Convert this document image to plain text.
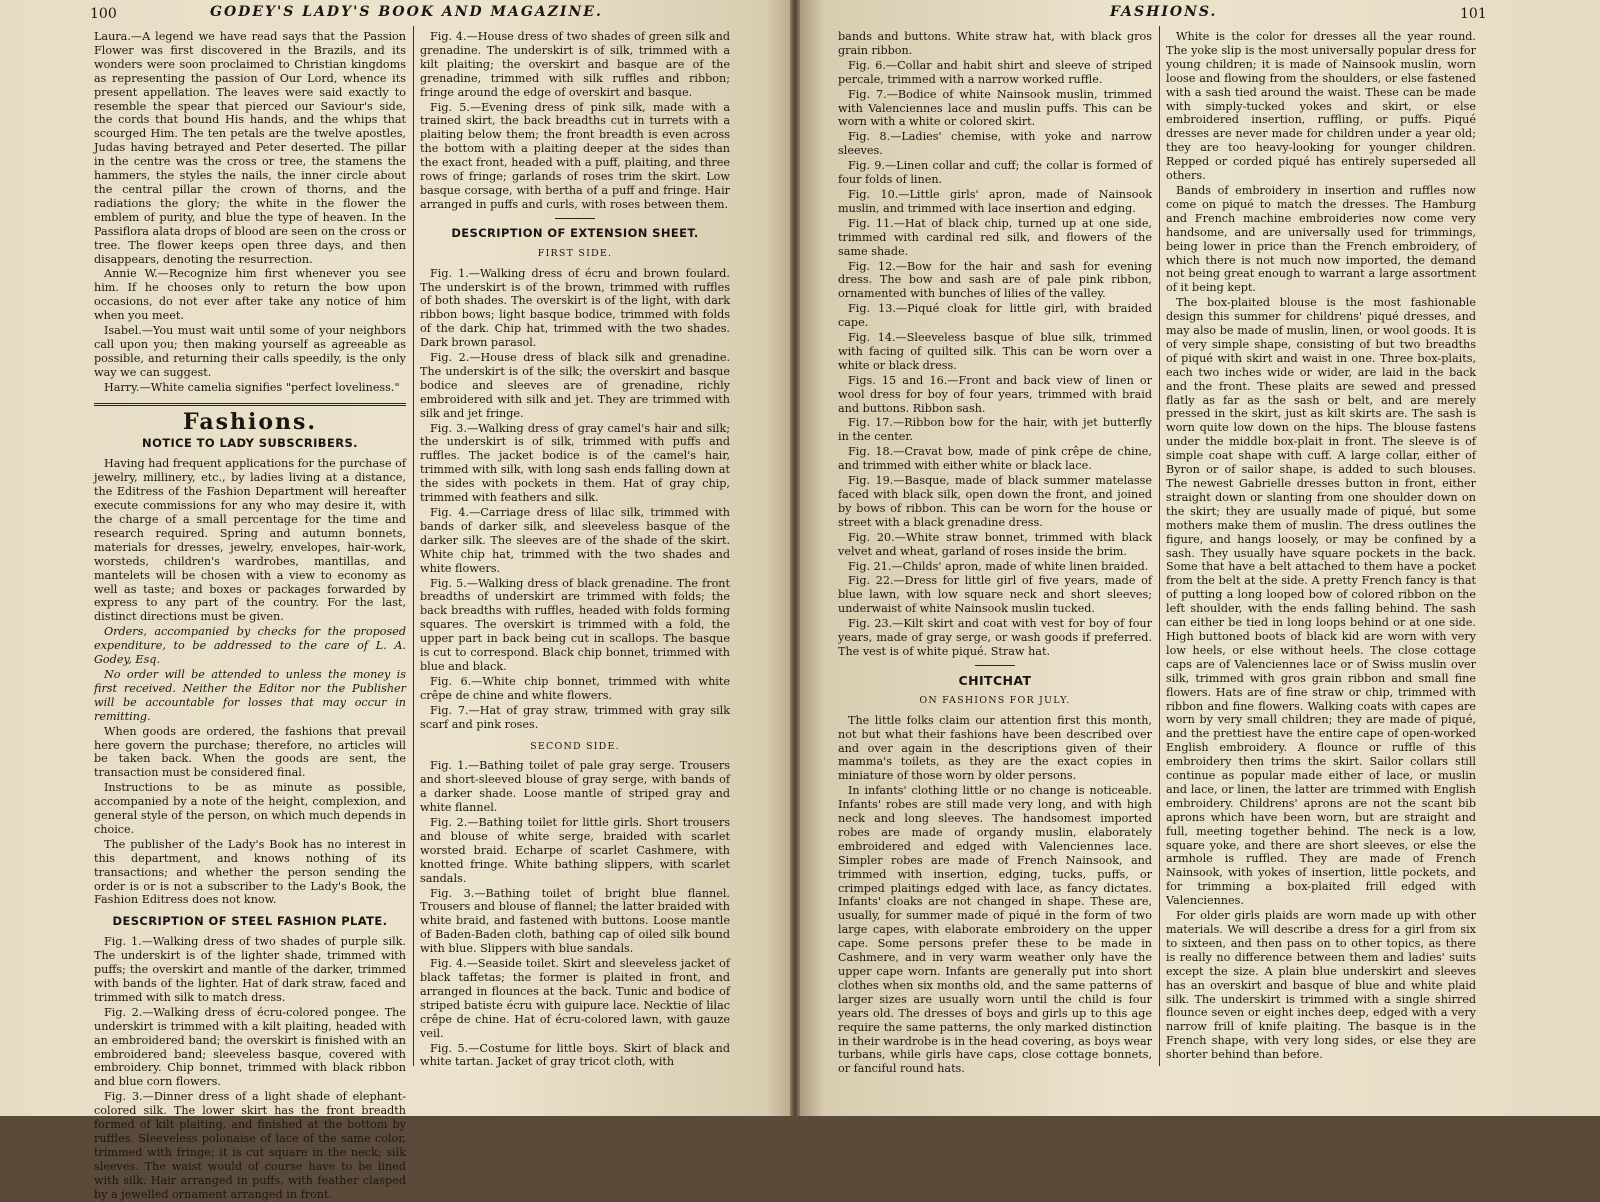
100	GODEY'S LADY'S BOOK AND MAGAZINE.

Laura.—A legend we have read says that the Passion Flower was first discovered in the Brazils, and its wonders were soon proclaimed to Christian kingdoms as representing the passion of Our Lord, whence its present appellation. The leaves were said exactly to resemble the spear that pierced our Saviour's side, the cords that bound His hands, and the whips that scourged Him. The ten petals are the twelve apostles, Judas having betrayed and Peter deserted. The pillar in the centre was the cross or tree, the stamens the hammers, the styles the nails, the inner circle about the central pillar the crown of thorns, and the radiations the glory; the white in the flower the emblem of purity, and blue the type of heaven. In the Passiflora alata drops of blood are seen on the cross or tree. The flower keeps open three days, and then disappears, denoting the resurrection.

Annie W.—Recognize him first whenever you see him. If he chooses only to return the bow upon occasions, do not ever after take any notice of him when you meet.

Isabel.—You must wait until some of your neighbors call upon you; then making yourself as agreeable as possible, and returning their calls speedily, is the only way we can suggest.

Harry.—White camelia signifies "perfect loveliness."

Fashions.
NOTICE TO LADY SUBSCRIBERS.

Having had frequent applications for the purchase of jewelry, millinery, etc., by ladies living at a distance, the Editress of the Fashion Department will hereafter execute commissions for any who may desire it, with the charge of a small percentage for the time and research required. Spring and autumn bonnets, materials for dresses, jewelry, envelopes, hair-work, worsteds, children's wardrobes, mantillas, and mantelets will be chosen with a view to economy as well as taste; and boxes or packages forwarded by express to any part of the country. For the last, distinct directions must be given.

Orders, accompanied by checks for the proposed expenditure, to be addressed to the care of L. A. Godey, Esq.

No order will be attended to unless the money is first received. Neither the Editor nor the Publisher will be accountable for losses that may occur in remitting.

When goods are ordered, the fashions that prevail here govern the purchase; therefore, no articles will be taken back. When the goods are sent, the transaction must be considered final.

Instructions to be as minute as possible, accompanied by a note of the height, complexion, and general style of the person, on which much depends in choice.

The publisher of the Lady's Book has no interest in this department, and knows nothing of its transactions; and whether the person sending the order is or is not a subscriber to the Lady's Book, the Fashion Editress does not know.

DESCRIPTION OF STEEL FASHION PLATE.

Fig. 1.—Walking dress of two shades of purple silk. The underskirt is of the lighter shade, trimmed with puffs; the overskirt and mantle of the darker, trimmed with bands of the lighter. Hat of dark straw, faced and trimmed with silk to match dress.

Fig. 2.—Walking dress of écru-colored pongee. The underskirt is trimmed with a kilt plaiting, headed with an embroidered band; the overskirt is finished with an embroidered band; sleeveless basque, covered with embroidery. Chip bonnet, trimmed with black ribbon and blue corn flowers.

Fig. 3.—Dinner dress of a light shade of elephant-colored silk. The lower skirt has the front breadth formed of kilt plaiting, and finished at the bottom by ruffles. Sleeveless polonaise of lace of the same color, trimmed with fringe; it is cut square in the neck; silk sleeves. The waist would of course have to be lined with silk. Hair arranged in puffs, with feather clasped by a jewelled ornament arranged in front.

Fig. 4.—House dress of two shades of green silk and grenadine. The underskirt is of silk, trimmed with a kilt plaiting; the overskirt and basque are of the grenadine, trimmed with silk ruffles and ribbon; fringe around the edge of overskirt and basque.

Fig. 5.—Evening dress of pink silk, made with a trained skirt, the back breadths cut in turrets with a plaiting below them; the front breadth is even across the bottom with a plaiting deeper at the sides than the exact front, headed with a puff, plaiting, and three rows of fringe; garlands of roses trim the skirt. Low basque corsage, with bertha of a puff and fringe. Hair arranged in puffs and curls, with roses between them.

DESCRIPTION OF EXTENSION SHEET.
FIRST SIDE.

Fig. 1.—Walking dress of écru and brown foulard. The underskirt is of the brown, trimmed with ruffles of both shades. The overskirt is of the light, with dark ribbon bows; light basque bodice, trimmed with folds of the dark. Chip hat, trimmed with the two shades. Dark brown parasol.

Fig. 2.—House dress of black silk and grenadine. The underskirt is of the silk; the overskirt and basque bodice and sleeves are of grenadine, richly embroidered with silk and jet. They are trimmed with silk and jet fringe.

Fig. 3.—Walking dress of gray camel's hair and silk; the underskirt is of silk, trimmed with puffs and ruffles. The jacket bodice is of the camel's hair, trimmed with silk, with long sash ends falling down at the sides with pockets in them. Hat of gray chip, trimmed with feathers and silk.

Fig. 4.—Carriage dress of lilac silk, trimmed with bands of darker silk, and sleeveless basque of the darker silk. The sleeves are of the shade of the skirt. White chip hat, trimmed with the two shades and white flowers.

Fig. 5.—Walking dress of black grenadine. The front breadths of underskirt are trimmed with folds; the back breadths with ruffles, headed with folds forming squares. The overskirt is trimmed with a fold, the upper part in back being cut in scallops. The basque is cut to correspond. Black chip bonnet, trimmed with blue and black.

Fig. 6.—White chip bonnet, trimmed with white crêpe de chine and white flowers.

Fig. 7.—Hat of gray straw, trimmed with gray silk scarf and pink roses.

SECOND SIDE.

Fig. 1.—Bathing toilet of pale gray serge. Trousers and short-sleeved blouse of gray serge, with bands of a darker shade. Loose mantle of striped gray and white flannel.

Fig. 2.—Bathing toilet for little girls. Short trousers and blouse of white serge, braided with scarlet worsted braid. Echarpe of scarlet Cashmere, with knotted fringe. White bathing slippers, with scarlet sandals.

Fig. 3.—Bathing toilet of bright blue flannel. Trousers and blouse of flannel; the latter braided with white braid, and fastened with buttons. Loose mantle of Baden-Baden cloth, bathing cap of oiled silk bound with blue. Slippers with blue sandals.

Fig. 4.—Seaside toilet. Skirt and sleeveless jacket of black taffetas; the former is plaited in front, and arranged in flounces at the back. Tunic and bodice of striped batiste écru with guipure lace. Necktie of lilac crêpe de chine. Hat of écru-colored lawn, with gauze veil.

Fig. 5.—Costume for little boys. Skirt of black and white tartan. Jacket of gray tricot cloth, with

FASHIONS.	101

bands and buttons. White straw hat, with black gros grain ribbon.

Fig. 6.—Collar and habit shirt and sleeve of striped percale, trimmed with a narrow worked ruffle.

Fig. 7.—Bodice of white Nainsook muslin, trimmed with Valenciennes lace and muslin puffs. This can be worn with a white or colored skirt.

Fig. 8.—Ladies' chemise, with yoke and narrow sleeves.

Fig. 9.—Linen collar and cuff; the collar is formed of four folds of linen.

Fig. 10.—Little girls' apron, made of Nainsook muslin, and trimmed with lace insertion and edging.

Fig. 11.—Hat of black chip, turned up at one side, trimmed with cardinal red silk, and flowers of the same shade.

Fig. 12.—Bow for the hair and sash for evening dress. The bow and sash are of pale pink ribbon, ornamented with bunches of lilies of the valley.

Fig. 13.—Piqué cloak for little girl, with braided cape.

Fig. 14.—Sleeveless basque of blue silk, trimmed with facing of quilted silk. This can be worn over a white or black dress.

Figs. 15 and 16.—Front and back view of linen or wool dress for boy of four years, trimmed with braid and buttons. Ribbon sash.

Fig. 17.—Ribbon bow for the hair, with jet butterfly in the center.

Fig. 18.—Cravat bow, made of pink crêpe de chine, and trimmed with either white or black lace.

Fig. 19.—Basque, made of black summer matelasse faced with black silk, open down the front, and joined by bows of ribbon. This can be worn for the house or street with a black grenadine dress.

Fig. 20.—White straw bonnet, trimmed with black velvet and wheat, garland of roses inside the brim.

Fig. 21.—Childs' apron, made of white linen braided.

Fig. 22.—Dress for little girl of five years, made of blue lawn, with low square neck and short sleeves; underwaist of white Nainsook muslin tucked.

Fig. 23.—Kilt skirt and coat with vest for boy of four years, made of gray serge, or wash goods if preferred. The vest is of white piqué. Straw hat.

CHITCHAT
ON FASHIONS FOR JULY.

The little folks claim our attention first this month, not but what their fashions have been described over and over again in the descriptions given of their mamma's toilets, as they are the exact copies in miniature of those worn by older persons.

In infants' clothing little or no change is noticeable. Infants' robes are still made very long, and with high neck and long sleeves. The handsomest imported robes are made of organdy muslin, elaborately embroidered and edged with Valenciennes lace. Simpler robes are made of French Nainsook, and trimmed with insertion, edging, tucks, puffs, or crimped plaitings edged with lace, as fancy dictates. Infants' cloaks are not changed in shape. These are, usually, for summer made of piqué in the form of two large capes, with elaborate embroidery on the upper cape. Some persons prefer these to be made in Cashmere, and in very warm weather only have the upper cape worn. Infants are generally put into short clothes when six months old, and the same patterns of larger sizes are usually worn until the child is four years old. The dresses of boys and girls up to this age require the same patterns, the only marked distinction in their wardrobe is in the head covering, as boys wear turbans, while girls have caps, close cottage bonnets, or fanciful round hats.

White is the color for dresses all the year round. The yoke slip is the most universally popular dress for young children; it is made of Nainsook muslin, worn loose and flowing from the shoulders, or else fastened with a sash tied around the waist. These can be made with simply-tucked yokes and skirt, or else embroidered insertion, ruffling, or puffs. Piqué dresses are never made for children under a year old; they are too heavy-looking for younger children. Repped or corded piqué has entirely superseded all others.

Bands of embroidery in insertion and ruffles now come on piqué to match the dresses. The Hamburg and French machine embroideries now come very handsome, and are universally used for trimmings, being lower in price than the French embroidery, of which there is not much now imported, the demand not being great enough to warrant a large assortment of it being kept.

The box-plaited blouse is the most fashionable design this summer for childrens' piqué dresses, and may also be made of muslin, linen, or wool goods. It is of very simple shape, consisting of but two breadths of piqué with skirt and waist in one. Three box-plaits, each two inches wide or wider, are laid in the back and the front. These plaits are sewed and pressed flatly as far as the sash or belt, and are merely pressed in the skirt, just as kilt skirts are. The sash is worn quite low down on the hips. The blouse fastens under the middle box-plait in front. The sleeve is of simple coat shape with cuff. A large collar, either of Byron or of sailor shape, is added to such blouses. The newest Gabrielle dresses button in front, either straight down or slanting from one shoulder down on the skirt; they are usually made of piqué, but some mothers make them of muslin. The dress outlines the figure, and hangs loosely, or may be confined by a sash. They usually have square pockets in the back. Some that have a belt attached to them have a pocket from the belt at the side. A pretty French fancy is that of putting a long looped bow of colored ribbon on the left shoulder, with the ends falling behind. The sash can either be tied in long loops behind or at one side. High buttoned boots of black kid are worn with very low heels, or else without heels. The close cottage caps are of Valenciennes lace or of Swiss muslin over silk, trimmed with gros grain ribbon and small fine flowers. Hats are of fine straw or chip, trimmed with ribbon and fine flowers. Walking coats with capes are worn by very small children; they are made of piqué, and the prettiest have the entire cape of open-worked English embroidery. A flounce or ruffle of this embroidery then trims the skirt. Sailor collars still continue as popular made either of lace, or muslin and lace, or linen, the latter are trimmed with English embroidery. Childrens' aprons are not the scant bib aprons which have been worn, but are straight and full, meeting together behind. The neck is a low, square yoke, and there are short sleeves, or else the armhole is ruffled. They are made of French Nainsook, with yokes of insertion, little pockets, and for trimming a box-plaited frill edged with Valenciennes.

For older girls plaids are worn made up with other materials. We will describe a dress for a girl from six to sixteen, and then pass on to other topics, as there is really no difference between them and ladies' suits except the size. A plain blue underskirt and sleeves has an overskirt and basque of blue and white plaid silk. The underskirt is trimmed with a single shirred flounce seven or eight inches deep, edged with a very narrow frill of knife plaiting. The basque is in the French shape, with very long sides, or else they are shorter behind than before.
